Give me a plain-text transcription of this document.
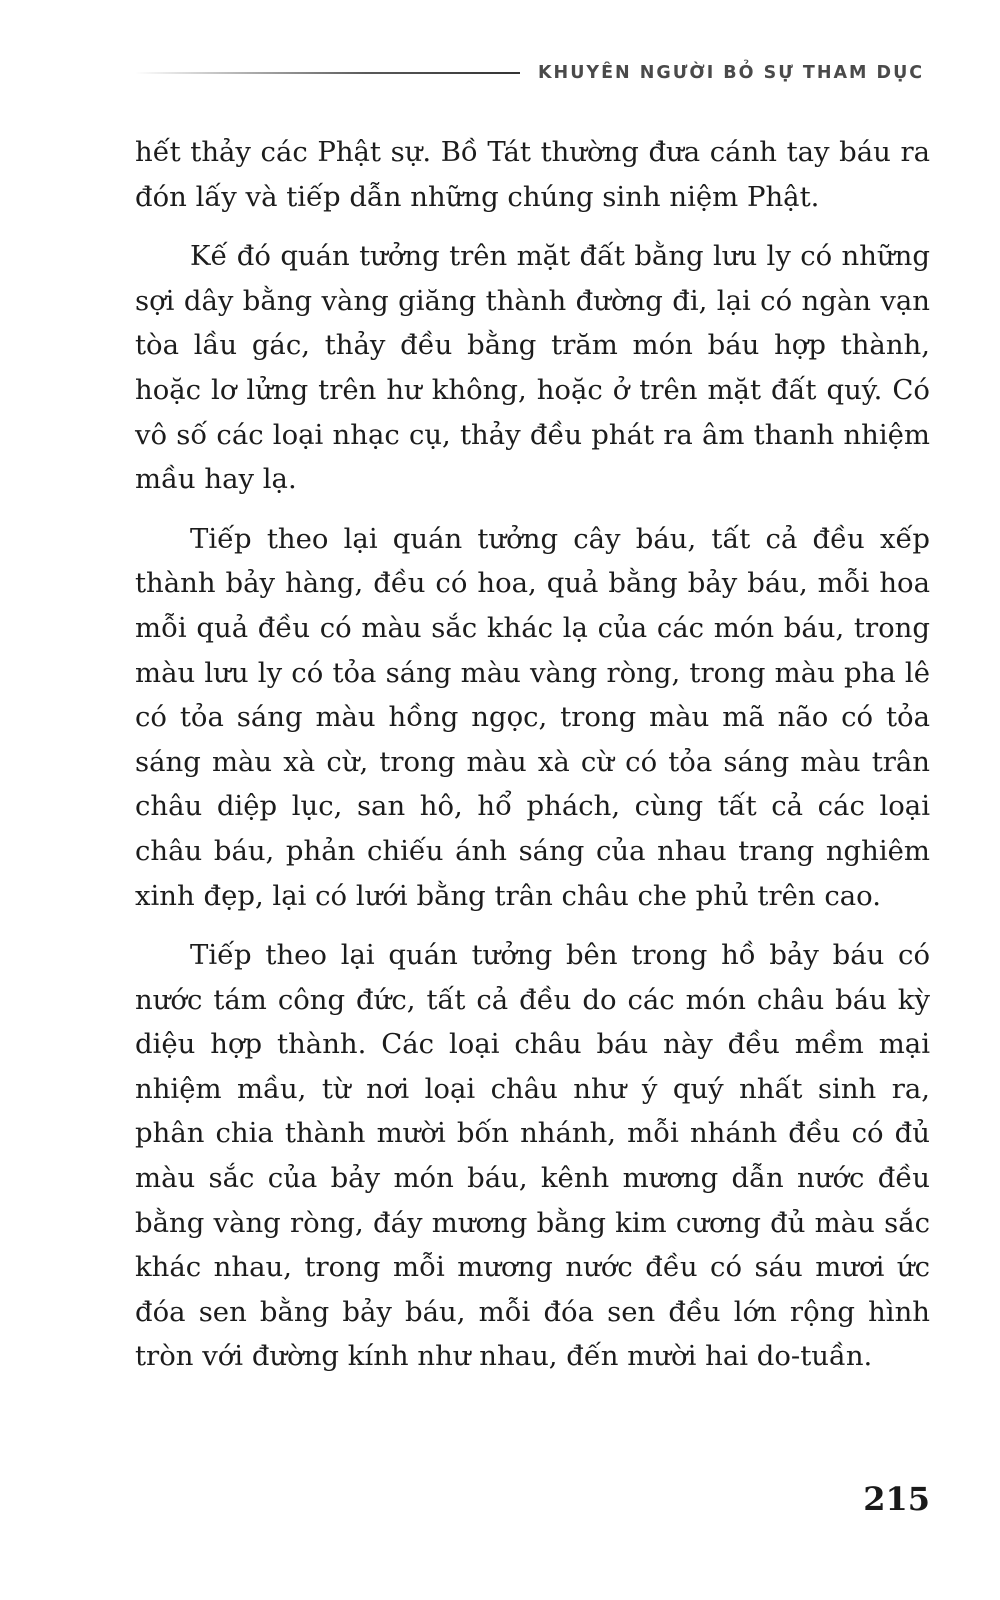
KHUYÊN NGƯỜI BỎ SỰ THAM DỤC

hết thảy các Phật sự. Bồ Tát thường đưa cánh tay báu ra đón lấy và tiếp dẫn những chúng sinh niệm Phật.

Kế đó quán tưởng trên mặt đất bằng lưu ly có những sợi dây bằng vàng giăng thành đường đi, lại có ngàn vạn tòa lầu gác, thảy đều bằng trăm món báu hợp thành, hoặc lơ lửng trên hư không, hoặc ở trên mặt đất quý. Có vô số các loại nhạc cụ, thảy đều phát ra âm thanh nhiệm mầu hay lạ.

Tiếp theo lại quán tưởng cây báu, tất cả đều xếp thành bảy hàng, đều có hoa, quả bằng bảy báu, mỗi hoa mỗi quả đều có màu sắc khác lạ của các món báu, trong màu lưu ly có tỏa sáng màu vàng ròng, trong màu pha lê có tỏa sáng màu hồng ngọc, trong màu mã não có tỏa sáng màu xà cừ, trong màu xà cừ có tỏa sáng màu trân châu diệp lục, san hô, hổ phách, cùng tất cả các loại châu báu, phản chiếu ánh sáng của nhau trang nghiêm xinh đẹp, lại có lưới bằng trân châu che phủ trên cao.

Tiếp theo lại quán tưởng bên trong hồ bảy báu có nước tám công đức, tất cả đều do các món châu báu kỳ diệu hợp thành. Các loại châu báu này đều mềm mại nhiệm mầu, từ nơi loại châu như ý quý nhất sinh ra, phân chia thành mười bốn nhánh, mỗi nhánh đều có đủ màu sắc của bảy món báu, kênh mương dẫn nước đều bằng vàng ròng, đáy mương bằng kim cương đủ màu sắc khác nhau, trong mỗi mương nước đều có sáu mươi ức đóa sen bằng bảy báu, mỗi đóa sen đều lớn rộng hình tròn với đường kính như nhau, đến mười hai do-tuần.

215
